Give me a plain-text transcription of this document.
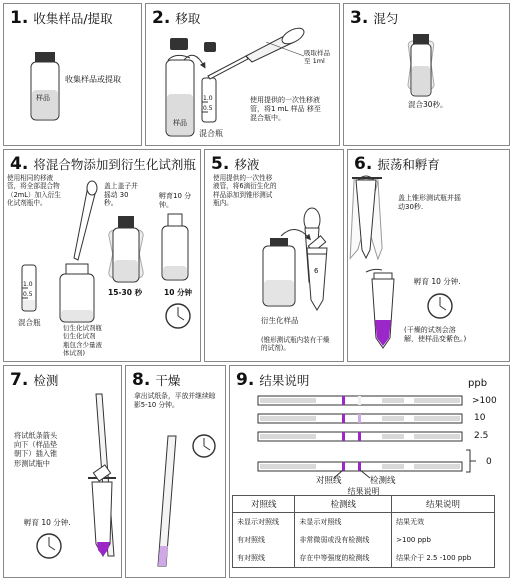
1. 收集样品/提取
样品
收集样品或提取
2. 移取
1.0
0.5
样品
混合瓶
吸取样品
至 1ml
使用提供的一次性移液
管，将1 mL 样品 移至
混合瓶中。
3. 混匀
混合30秒。
4. 将混合物添加到衍生化试剂瓶
使用相同的移液
管，将全部混合物
（2mL）加入衍生
化试剂瓶中。
盖上盖子并
摇动 30
秒。
孵育10 分钟。
1.0
0.5
混合瓶
衍生化试剂瓶
衍生化试剂
瓶包含少量液
体试剂)
15-30 秒	10 分钟
5. 移液
使用提供的一次性移
液管，将6滴衍生化的
样品添加到锥形测试
瓶内。
6
衍生化样品
(锥形测试瓶内装有干燥
的试剂)。
6. 振荡和孵育
盖上锥形测试瓶并摇
动30秒.
孵育 10 分钟.
(干燥的试剂会溶
解，使样品变紫色。)
7. 检测
将试纸条箭头
向下（样品垫
朝下）插入锥
形测试瓶中
孵育 10 分钟.
8. 干燥
拿出试纸条，平放并继续晾
影5-10 分钟。
9. 结果说明	ppb
>100
10
2.5
0
对照线	检测线
结果说明
对照线	检测线	结果说明
未显示对照线	未显示对照线	结果无效
有对照线	非常微弱或没有检测线	>100 ppb
有对照线	存在中等强度的检测线	结果介于 2.5 -100 ppb
